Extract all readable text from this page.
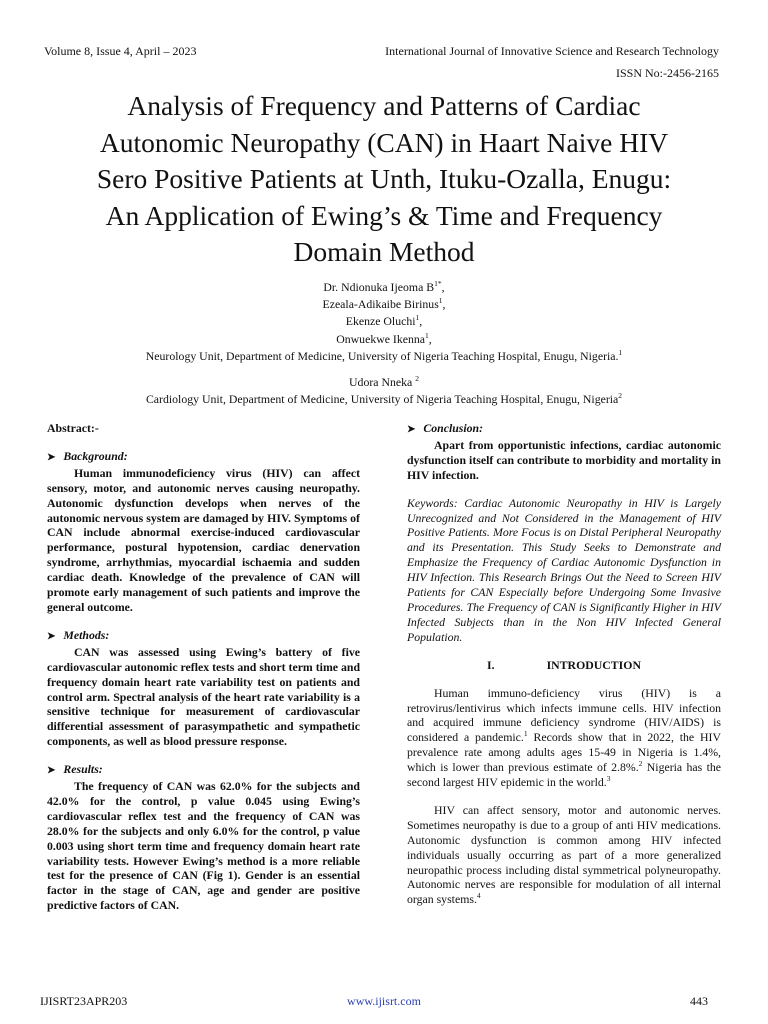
Volume 8, Issue 4, April – 2023	International Journal of Innovative Science and Research Technology
ISSN No:-2456-2165
Analysis of Frequency and Patterns of Cardiac
Autonomic Neuropathy (CAN) in Haart Naive HIV
Sero Positive Patients at Unth, Ituku-Ozalla, Enugu:
An Application of Ewing’s & Time and Frequency
Domain Method
Dr. Ndionuka Ijeoma $B^{1*}$,
Ezeala-Adikaibe Birinus$^1$,
Ekenze Oluchi$^1$,
Onwuekwe Ikenna$^1$,
Neurology Unit, Department of Medicine, University of Nigeria Teaching Hospital, Enugu, Nigeria.$^1$
Udora Nneka $^2$
Cardiology Unit, Department of Medicine, University of Nigeria Teaching Hospital, Enugu, Nigeria$^2$

Abstract:-

➤ Background:

Human immunodeficiency virus (HIV) can affect sensory, motor, and autonomic nerves causing neuropathy. Autonomic dysfunction develops when nerves of the autonomic nervous system are damaged by HIV. Symptoms of CAN include abnormal exercise-induced cardiovascular performance, postural hypotension, cardiac denervation syndrome, arrhythmias, myocardial ischaemia and sudden cardiac death. Knowledge of the prevalence of CAN will promote early management of such patients and improve the general outcome.

➤ Methods:

CAN was assessed using Ewing’s battery of five cardiovascular autonomic reflex tests and short term time and frequency domain heart rate variability test on patients and control arm. Spectral analysis of the heart rate variability is a sensitive technique for measurement of cardiovascular differential assessment of parasympathetic and sympathetic components, as well as blood pressure response.

➤ Results:

The frequency of CAN was 62.0% for the subjects and 42.0% for the control, p value 0.045 using Ewing’s cardiovascular reflex test and the frequency of CAN was 28.0% for the subjects and only 6.0% for the control, p value 0.003 using short term time and frequency domain heart rate variability tests. However Ewing’s method is a more reliable test for the presence of CAN (Fig 1). Gender is an essential factor in the stage of CAN, age and gender are positive predictive factors of CAN.

➤ Conclusion:

Apart from opportunistic infections, cardiac autonomic dysfunction itself can contribute to morbidity and mortality in HIV infection.

Keywords: Cardiac Autonomic Neuropathy in HIV is Largely Unrecognized and Not Considered in the Management of HIV Positive Patients. More Focus is on Distal Peripheral Neuropathy and its Presentation. This Study Seeks to Demonstrate and Emphasize the Frequency of Cardiac Autonomic Dysfunction in HIV Infection. This Research Brings Out the Need to Screen HIV Patients for CAN Especially before Undergoing Some Invasive Procedures. The Frequency of CAN is Significantly Higher in HIV Infected Subjects than in the Non HIV Infected General Population.

I.	INTRODUCTION

Human immuno-deficiency virus (HIV) is a retrovirus/lentivirus which infects immune cells. HIV infection and acquired immune deficiency syndrome (HIV/AIDS) is considered a pandemic.$^1$ Records show that in 2022, the HIV prevalence rate among adults ages 15-49 in Nigeria is 1.4%, which is lower than previous estimate of 2.8%.$^2$ Nigeria has the second largest HIV epidemic in the world.$^3$

HIV can affect sensory, motor and autonomic nerves. Sometimes neuropathy is due to a group of anti HIV medications. Autonomic dysfunction is common among HIV infected individuals usually occurring as part of a more generalized neuropathic process including distal symmetrical polyneuropathy. Autonomic nerves are responsible for modulation of all internal organ systems.$^4$

IJISRT23APR203	www.ijisrt.com	443
